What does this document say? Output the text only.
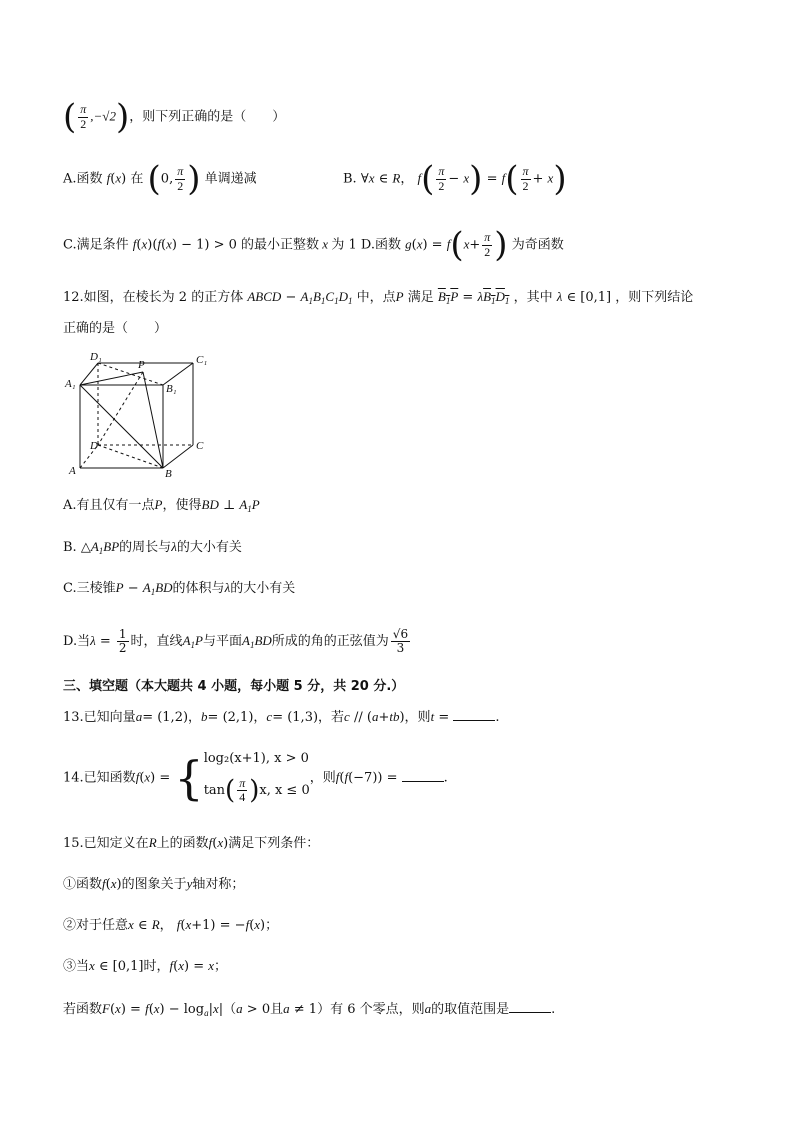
( $\frac{\pi}{2} ,-√2$)，则下列正确的是（　　）
A.函数 f(x) 在 (0, $\frac{\pi}{2}$ ) 单调递减	B. ∀x ∈ R， $f( \frac{\pi}{2} - x) = f( \frac{\pi}{2} + x)$
C.满足条件 f(x)(f(x) − 1) > 0 的最小正整数 x 为 1 D.函数 $g(x) = f(x+ \frac{\pi}{2}$ ) 为奇函数
12.如图，在棱长为 2 的正方体 ABCD − $A_1B_1C_1D_1$ 中，点P 满足 $B_1P = \lambda B_1D_1$ ，其中 λ ∈ [0,1] ，则下列结论
正确的是（　　）
D₁	C₁
A₁
P
B₁
D	C
A	B
A.有且仅有一点P，使得BD ⊥ $A_1P$
B. $\triangle A_1BP$的周长与λ的大小有关
C.三棱锥$P - A_1BD$的体积与λ的大小有关
D.当$\lambda = \frac{1}{2}$ 时，直线$A_1P$与平面$A_1BD$所成的角的正弦值为 $\frac{√6}{3}$
三、填空题（本大题共 4 小题，每小题 5 分，共 20 分.）
13.已知向量a= (1,2)，b= (2,1)，c= (1,3)，若c // (a+tb)，则t =	.
14.已知函数f(x) = { log₂(x+1), x > 0
$\tan( \frac{\pi}{4} )x$, x ≤ 0
，则f(f(−7)) =	.
15.已知定义在R上的函数f(x)满足下列条件：
①函数f(x)的图象关于y轴对称；
②对于任意x ∈ R， f(x+1) = −f(x)；
③当x ∈ [0,1]时，f(x) = x；
若函数$F(x) = f(x) - \log_a|x|(a > 0$且a ≠ 1）有 6 个零点，则a的取值范围是	.
